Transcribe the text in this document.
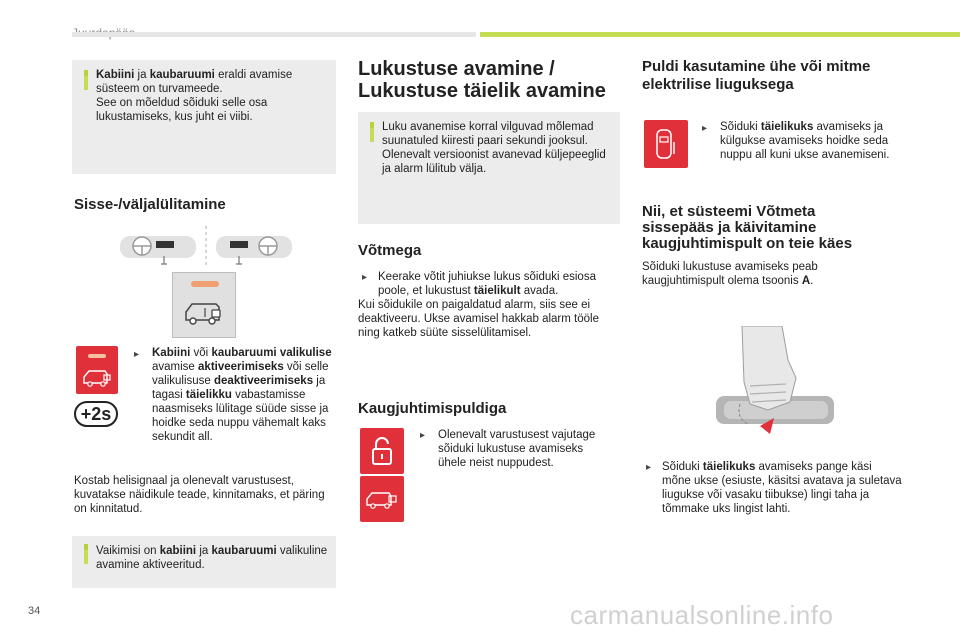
Kabiini ja kaubaruumi eraldi avamise süsteem on turvameede.
See on mõeldud sõiduki selle osa lukustamiseks, kus juht ei viibi.
Sisse-/väljalülitamine
+2s
▸ Kabiini või kaubaruumi valikulise avamise aktiveerimiseks või selle valikulisuse deaktiveerimiseks ja tagasi täielikku vabastamisse naasmiseks lülitage süüde sisse ja hoidke seda nuppu vähemalt kaks sekundit all.
Kostab helisignaal ja olenevalt varustusest, kuvatakse näidikule teade, kinnitamaks, et päring on kinnitatud.
Vaikimisi on kabiini ja kaubaruumi valikuline avamine aktiveeritud.
Lukustuse avamine / Lukustuse täielik avamine
Luku avanemise korral vilguvad mõlemad suunatuled kiiresti paari sekundi jooksul. Olenevalt versioonist avanevad küljepeeglid ja alarm lülitub välja.
Võtmega
▸ Keerake võtit juhiukse lukus sõiduki esiosa poole, et lukustust täielikult avada.
Kui sõidukile on paigaldatud alarm, siis see ei deaktiveeru. Ukse avamisel hakkab alarm tööle ning katkeb süüte sisselülitamisel.
Kaugjuhtimispuldiga
▸ Olenevalt varustusest vajutage sõiduki lukustuse avamiseks ühele neist nuppudest.
Puldi kasutamine ühe või mitme elektrilise liuguksega
▸ Sõiduki täielikuks avamiseks ja külgukse avamiseks hoidke seda nuppu all kuni ukse avanemiseni.
Nii, et süsteemi Võtmeta sissepääs ja käivitamine kaugjuhtimispult on teie käes
Sõiduki lukustuse avamiseks peab kaugjuhtimispult olema tsoonis A.
▸ Sõiduki täielikuks avamiseks pange käsi mõne ukse (esiuste, käsitsi avatava ja suletava liugukse või vasaku tiibukse) lingi taha ja tõmmake uks lingist lahti.
34	carmanualsonline.info
